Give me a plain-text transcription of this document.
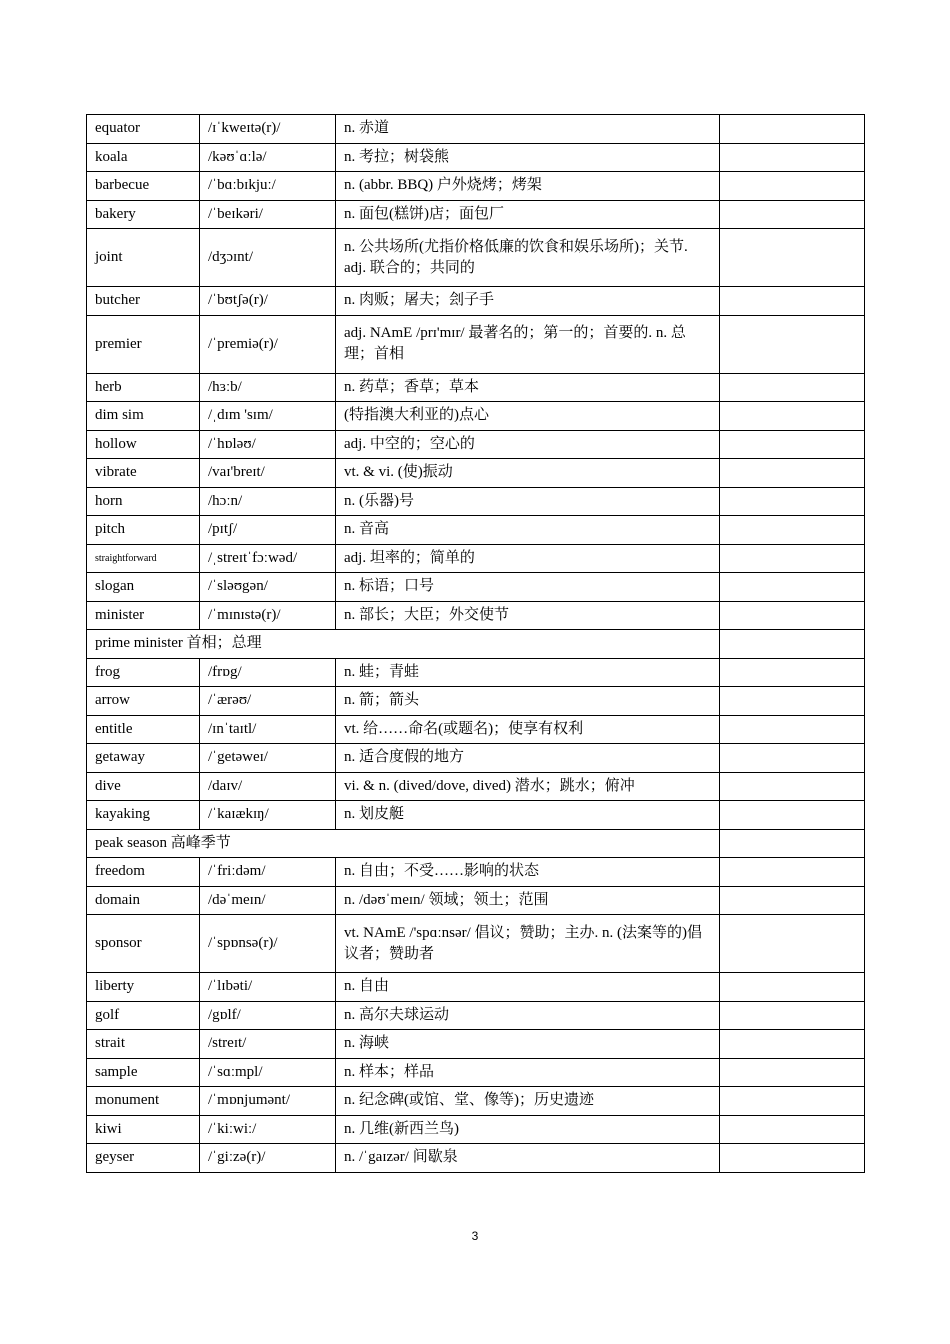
equator	/ɪˈkweɪtə(r)/	n. 赤道	
koala	/kəʊˈɑːlə/	n. 考拉；树袋熊	
barbecue	/ˈbɑːbɪkjuː/	n. (abbr. BBQ) 户外烧烤；烤架	
bakery	/ˈbeɪkəri/	n. 面包(糕饼)店；面包厂	
joint	/dʒɔɪnt/	n. 公共场所(尤指价格低廉的饮食和娱乐场所)；关节. adj. 联合的；共同的	
butcher	/ˈbʊtʃə(r)/	n. 肉贩；屠夫；刽子手	
premier	/ˈpremiə(r)/	adj. NAmE /prɪ'mɪr/ 最著名的；第一的；首要的. n. 总理；首相	
herb	/hɜːb/	n. 药草；香草；草本	
dim sim	/ˌdɪm 'sɪm/	(特指澳大利亚的)点心	
hollow	/ˈhɒləʊ/	adj. 中空的；空心的	
vibrate	/vaɪ'breɪt/	vt. & vi. (使)振动	
horn	/hɔːn/	n. (乐器)号	
pitch	/pɪtʃ/	n. 音高	
straightforward	/ˌstreɪtˈfɔːwəd/	adj. 坦率的；简单的	
slogan	/ˈsləʊgən/	n. 标语；口号	
minister	/ˈmɪnɪstə(r)/	n. 部长；大臣；外交使节	
prime minister 首相；总理			
frog	/frɒg/	n. 蛙；青蛙	
arrow	/ˈærəʊ/	n. 箭；箭头	
entitle	/ɪnˈtaɪtl/	vt. 给……命名(或题名)；使享有权利	
getaway	/ˈgetəweɪ/	n. 适合度假的地方	
dive	/daɪv/	vi. & n. (dived/dove, dived) 潜水；跳水；俯冲	
kayaking	/ˈkaɪækɪŋ/	n. 划皮艇	
peak season 高峰季节			
freedom	/ˈfriːdəm/	n. 自由；不受……影响的状态	
domain	/dəˈmeɪn/	n. /dəʊˈmeɪn/ 领域；领土；范围	
sponsor	/ˈspɒnsə(r)/	vt. NAmE /'spɑːnsər/ 倡议；赞助；主办. n. (法案等的)倡议者；赞助者	
liberty	/ˈlɪbəti/	n. 自由	
golf	/gɒlf/	n. 高尔夫球运动	
strait	/streɪt/	n. 海峡	
sample	/ˈsɑːmpl/	n. 样本；样品	
monument	/ˈmɒnjumənt/	n. 纪念碑(或馆、堂、像等)；历史遗迹	
kiwi	/ˈkiːwiː/	n. 几维(新西兰鸟)	
geyser	/ˈgiːzə(r)/	n. /ˈgaɪzər/ 间歇泉	
3
